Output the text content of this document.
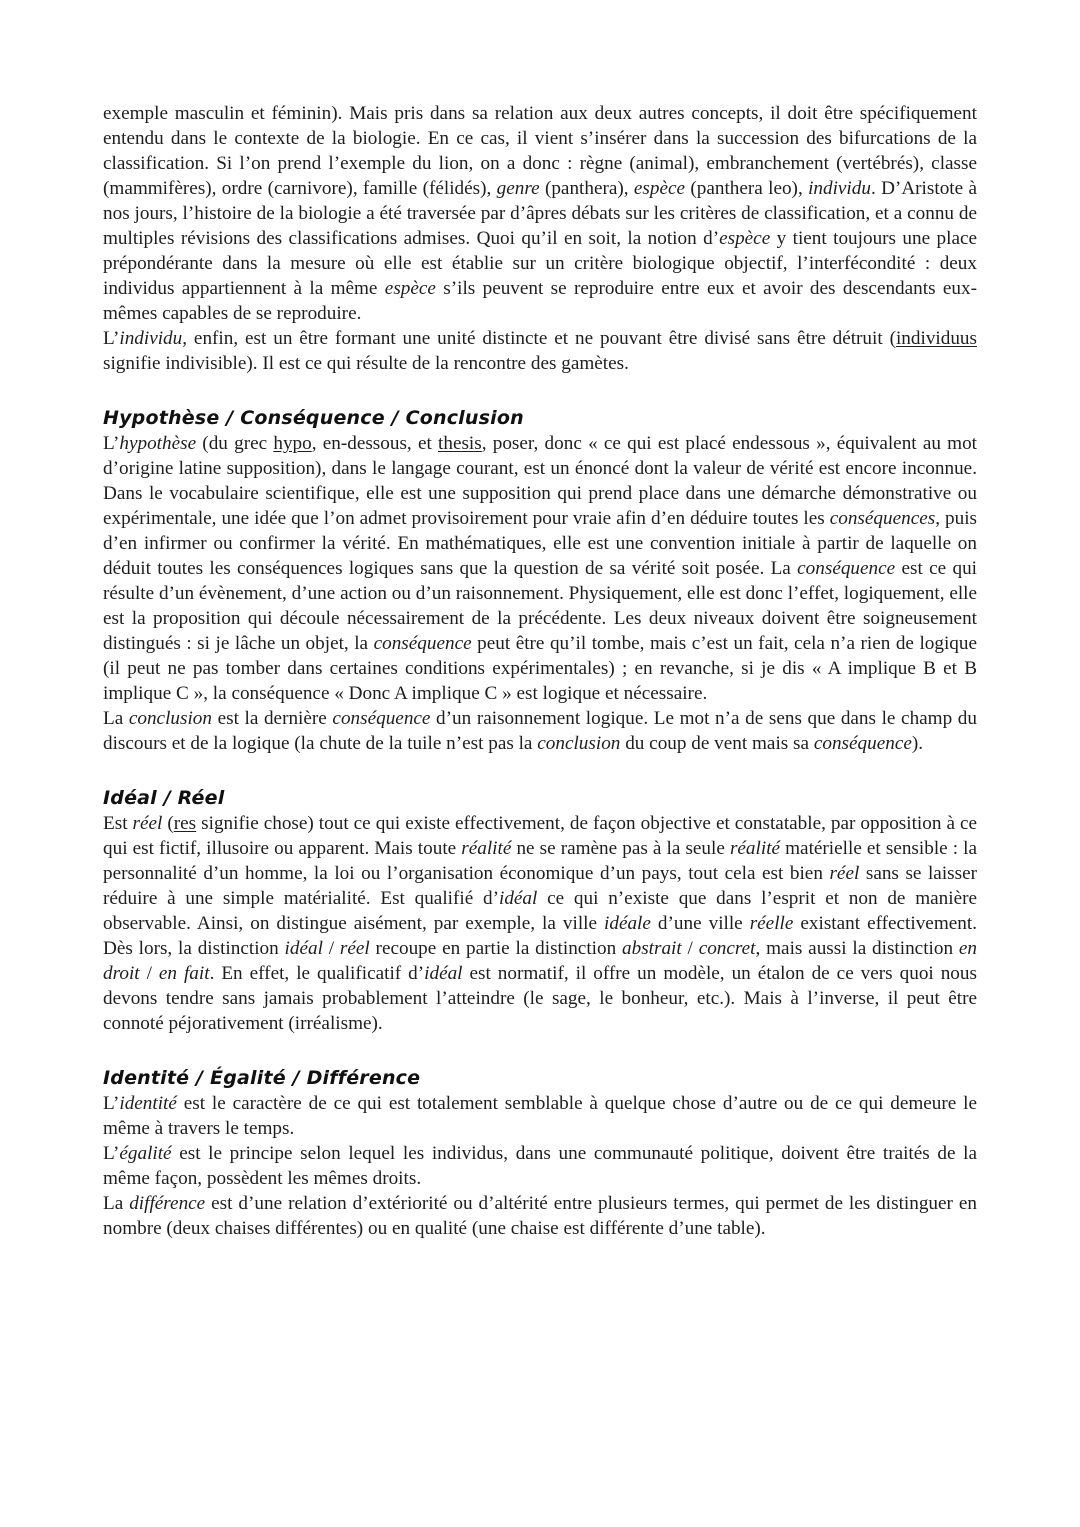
exemple masculin et féminin). Mais pris dans sa relation aux deux autres concepts, il doit être spécifiquement entendu dans le contexte de la biologie. En ce cas, il vient s’insérer dans la succession des bifurcations de la classification. Si l’on prend l’exemple du lion, on a donc : règne (animal), embranchement (vertébrés), classe (mammifères), ordre (carnivore), famille (félidés), genre (panthera), espèce (panthera leo), individu. D’Aristote à nos jours, l’histoire de la biologie a été traversée par d’âpres débats sur les critères de classification, et a connu de multiples révisions des classifications admises. Quoi qu’il en soit, la notion d’espèce y tient toujours une place prépondérante dans la mesure où elle est établie sur un critère biologique objectif, l’interfécondité : deux individus appartiennent à la même espèce s’ils peuvent se reproduire entre eux et avoir des descendants eux-mêmes capables de se reproduire.

L’individu, enfin, est un être formant une unité distincte et ne pouvant être divisé sans être détruit (individuus signifie indivisible). Il est ce qui résulte de la rencontre des gamètes.

Hypothèse / Conséquence / Conclusion

L’hypothèse (du grec hypo, en-dessous, et thesis, poser, donc « ce qui est placé endessous », équivalent au mot d’origine latine supposition), dans le langage courant, est un énoncé dont la valeur de vérité est encore inconnue. Dans le vocabulaire scientifique, elle est une supposition qui prend place dans une démarche démonstrative ou expérimentale, une idée que l’on admet provisoirement pour vraie afin d’en déduire toutes les conséquences, puis d’en infirmer ou confirmer la vérité. En mathématiques, elle est une convention initiale à partir de laquelle on déduit toutes les conséquences logiques sans que la question de sa vérité soit posée. La conséquence est ce qui résulte d’un évènement, d’une action ou d’un raisonnement. Physiquement, elle est donc l’effet, logiquement, elle est la proposition qui découle nécessairement de la précédente. Les deux niveaux doivent être soigneusement distingués : si je lâche un objet, la conséquence peut être qu’il tombe, mais c’est un fait, cela n’a rien de logique (il peut ne pas tomber dans certaines conditions expérimentales) ; en revanche, si je dis « A implique B et B implique C », la conséquence « Donc A implique C » est logique et nécessaire.

La conclusion est la dernière conséquence d’un raisonnement logique. Le mot n’a de sens que dans le champ du discours et de la logique (la chute de la tuile n’est pas la conclusion du coup de vent mais sa conséquence).

Idéal / Réel

Est réel (res signifie chose) tout ce qui existe effectivement, de façon objective et constatable, par opposition à ce qui est fictif, illusoire ou apparent. Mais toute réalité ne se ramène pas à la seule réalité matérielle et sensible : la personnalité d’un homme, la loi ou l’organisation économique d’un pays, tout cela est bien réel sans se laisser réduire à une simple matérialité. Est qualifié d’idéal ce qui n’existe que dans l’esprit et non de manière observable. Ainsi, on distingue aisément, par exemple, la ville idéale d’une ville réelle existant effectivement. Dès lors, la distinction idéal / réel recoupe en partie la distinction abstrait / concret, mais aussi la distinction en droit / en fait. En effet, le qualificatif d’idéal est normatif, il offre un modèle, un étalon de ce vers quoi nous devons tendre sans jamais probablement l’atteindre (le sage, le bonheur, etc.). Mais à l’inverse, il peut être connoté péjorativement (irréalisme).

Identité / Égalité / Différence

L’identité est le caractère de ce qui est totalement semblable à quelque chose d’autre ou de ce qui demeure le même à travers le temps.

L’égalité est le principe selon lequel les individus, dans une communauté politique, doivent être traités de la même façon, possèdent les mêmes droits.

La différence est d’une relation d’extériorité ou d’altérité entre plusieurs termes, qui permet de les distinguer en nombre (deux chaises différentes) ou en qualité (une chaise est différente d’une table).
